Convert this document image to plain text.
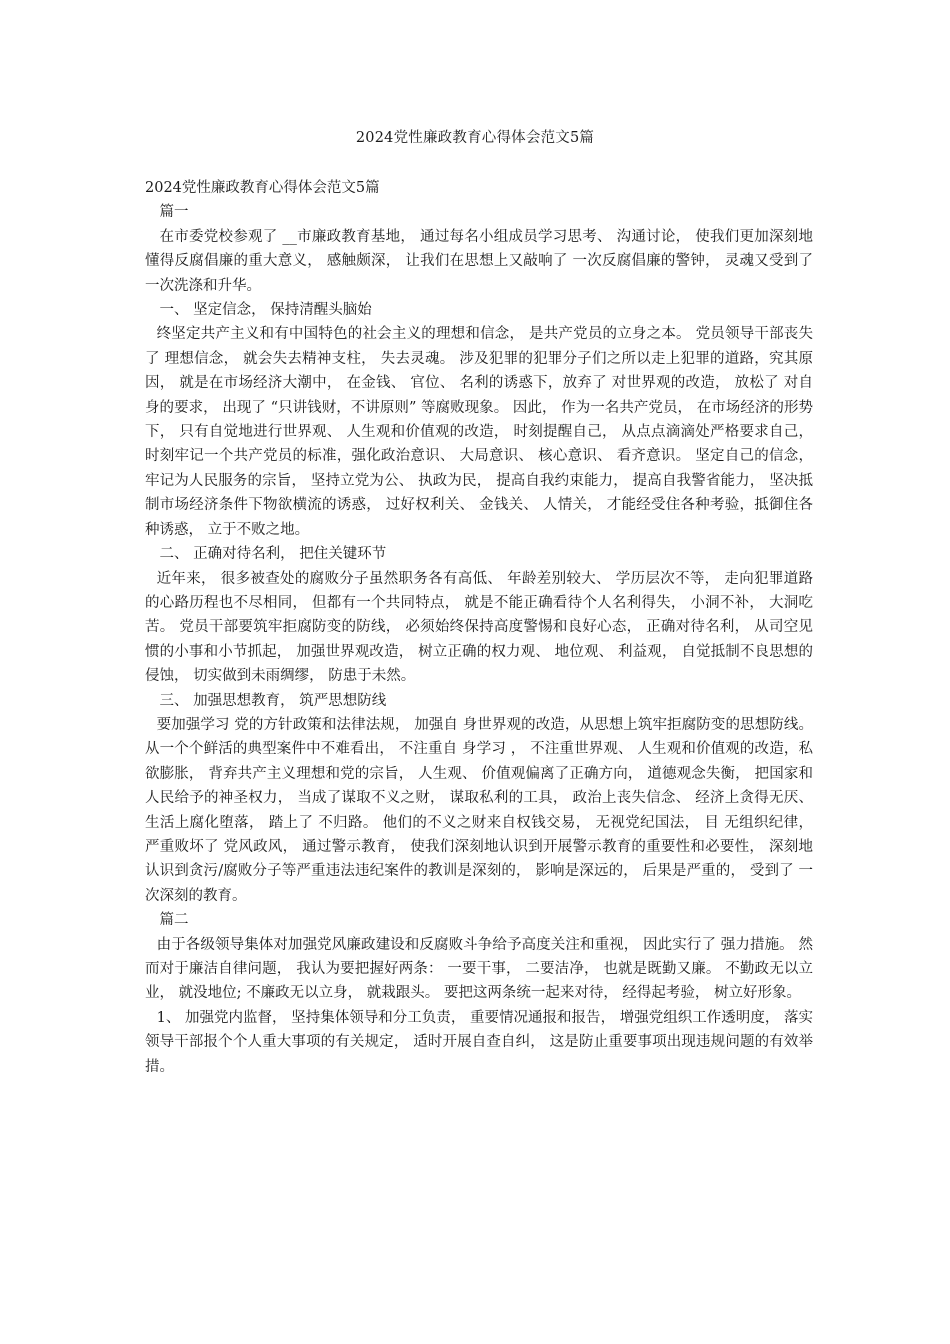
2024党性廉政教育心得体会范文5篇

2024党性廉政教育心得体会范文5篇

篇一

在市委党校参观了 __市廉政教育基地， 通过每名小组成员学习思考、 沟通讨论， 使我们更加深刻地懂得反腐倡廉的重大意义， 感触颇深， 让我们在思想上又敲响了 一次反腐倡廉的警钟， 灵魂又受到了 一次洗涤和升华。

一、 坚定信念， 保持清醒头脑始

终坚定共产主义和有中国特色的社会主义的理想和信念， 是共产党员的立身之本。 党员领导干部丧失了 理想信念， 就会失去精神支柱， 失去灵魂。 涉及犯罪的犯罪分子们之所以走上犯罪的道路，究其原因， 就是在市场经济大潮中， 在金钱、 官位、 名利的诱惑下，放弃了 对世界观的改造， 放松了 对自 身的要求， 出现了 “只讲钱财，不讲原则” 等腐败现象。 因此， 作为一名共产党员， 在市场经济的形势下， 只有自觉地进行世界观、 人生观和价值观的改造， 时刻提醒自己， 从点点滴滴处严格要求自己， 时刻牢记一个共产党员的标准，强化政治意识、 大局意识、 核心意识、 看齐意识。 坚定自己的信念， 牢记为人民服务的宗旨， 坚持立党为公、 执政为民， 提高自我约束能力， 提高自我警省能力， 坚决抵制市场经济条件下物欲横流的诱惑， 过好权利关、 金钱关、 人情关， 才能经受住各种考验，抵御住各种诱惑， 立于不败之地。

二、 正确对待名利， 把住关键环节

近年来， 很多被查处的腐败分子虽然职务各有高低、 年龄差别较大、 学历层次不等， 走向犯罪道路的心路历程也不尽相同， 但都有一个共同特点， 就是不能正确看待个人名利得失， 小洞不补， 大洞吃苦。 党员干部要筑牢拒腐防变的防线， 必须始终保持高度警惕和良好心态， 正确对待名利， 从司空见惯的小事和小节抓起， 加强世界观改造， 树立正确的权力观、 地位观、 利益观， 自觉抵制不良思想的侵蚀， 切实做到未雨绸缪， 防患于未然。

三、 加强思想教育， 筑严思想防线

要加强学习 党的方针政策和法律法规， 加强自 身世界观的改造，从思想上筑牢拒腐防变的思想防线。 从一个个鲜活的典型案件中不难看出， 不注重自 身学习 ， 不注重世界观、 人生观和价值观的改造，私欲膨胀， 背弃共产主义理想和党的宗旨， 人生观、 价值观偏离了正确方向， 道德观念失衡， 把国家和人民给予的神圣权力， 当成了谋取不义之财， 谋取私利的工具， 政治上丧失信念、 经济上贪得无厌、 生活上腐化堕落， 踏上了 不归路。 他们的不义之财来自权钱交易， 无视党纪国法， 目 无组织纪律， 严重败坏了 党风政风， 通过警示教育， 使我们深刻地认识到开展警示教育的重要性和必要性， 深刻地认识到贪污/腐败分子等严重违法违纪案件的教训是深刻的， 影响是深远的， 后果是严重的， 受到了 一次深刻的教育。

篇二

由于各级领导集体对加强党风廉政建设和反腐败斗争给予高度关注和重视， 因此实行了 强力措施。 然而对于廉洁自律问题， 我认为要把握好两条： 一要干事， 二要洁净， 也就是既勤又廉。 不勤政无以立业， 就没地位; 不廉政无以立身， 就栽跟头。 要把这两条统一起来对待， 经得起考验， 树立好形象。

1、 加强党内监督， 坚持集体领导和分工负责， 重要情况通报和报告， 增强党组织工作透明度， 落实领导干部报个个人重大事项的有关规定， 适时开展自查自纠， 这是防止重要事项出现违规问题的有效举措。
